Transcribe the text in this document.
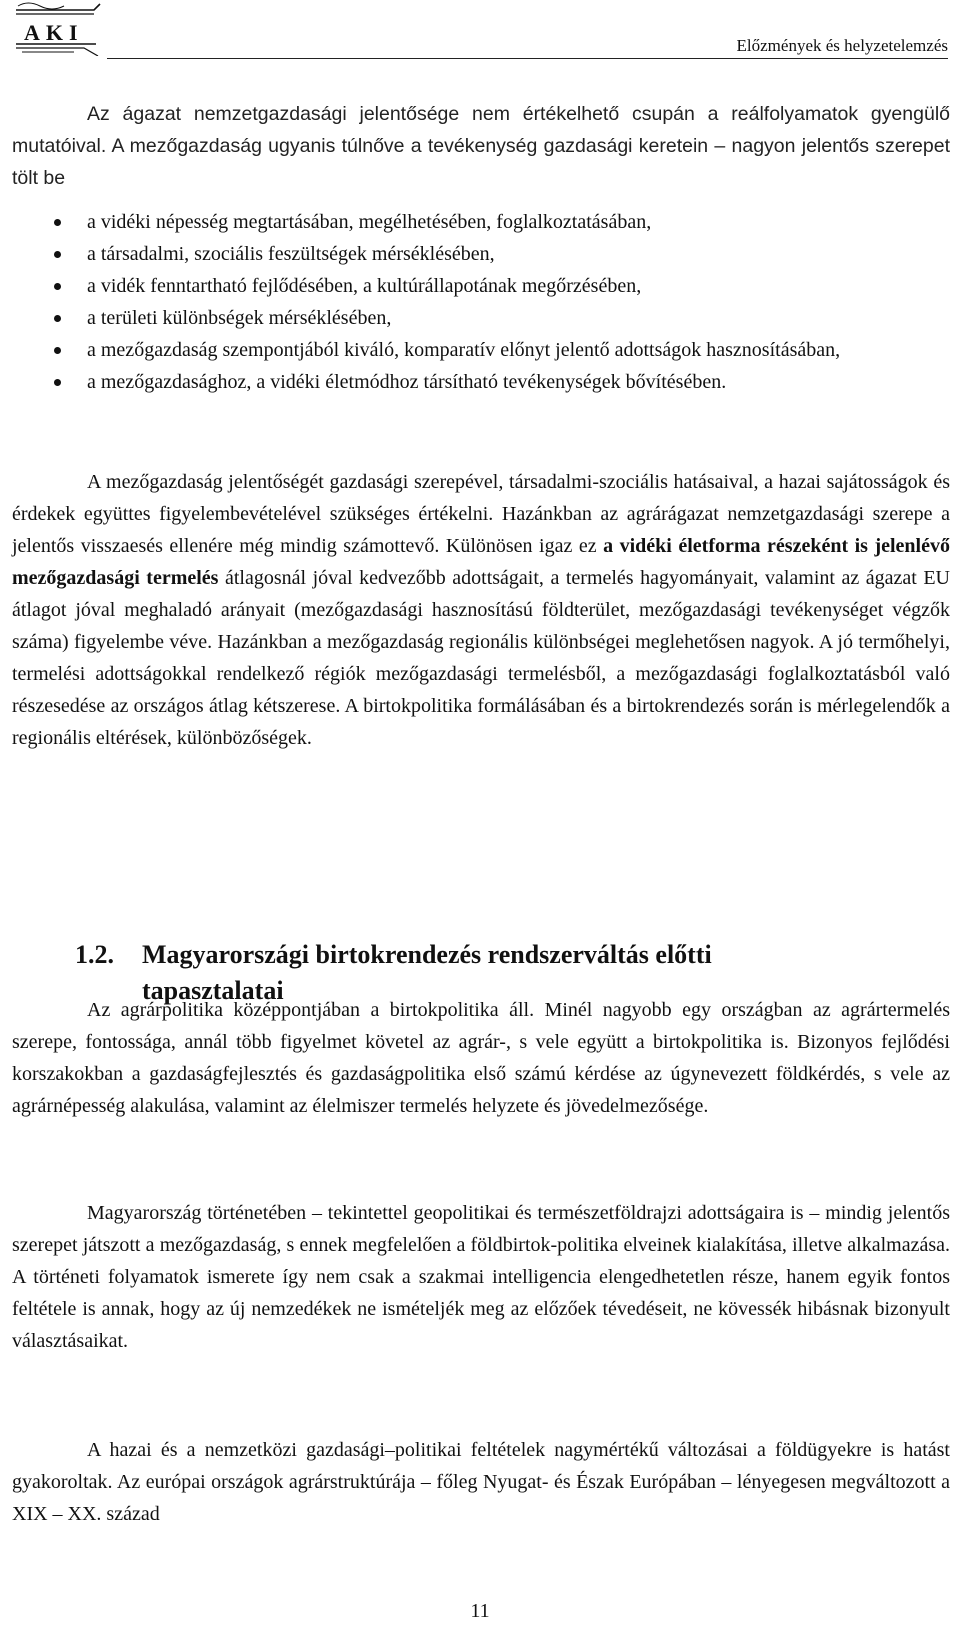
AKI
Előzmények és helyzetelemzés

Az ágazat nemzetgazdasági jelentősége nem értékelhető csupán a reálfolyamatok gyengülő mutatóival. A mezőgazdaság ugyanis túlnőve a tevékenység gazdasági keretein – nagyon jelentős szerepet tölt be

a vidéki népesség megtartásában, megélhetésében, foglalkoztatásában,
a társadalmi, szociális feszültségek mérséklésében,
a vidék fenntartható fejlődésében, a kultúrállapotának megőrzésében,
a területi különbségek mérséklésében,
a mezőgazdaság szempontjából kiváló, komparatív előnyt jelentő adottságok hasznosításában,
a mezőgazdasághoz, a vidéki életmódhoz társítható tevékenységek bővítésében.

A mezőgazdaság jelentőségét gazdasági szerepével, társadalmi-szociális hatásaival, a hazai sajátosságok és érdekek együttes figyelembevételével szükséges értékelni. Hazánkban az agrárágazat nemzetgazdasági szerepe a jelentős visszaesés ellenére még mindig számottevő. Különösen igaz ez a vidéki életforma részeként is jelenlévő mezőgazdasági termelés átlagosnál jóval kedvezőbb adottságait, a termelés hagyományait, valamint az ágazat EU átlagot jóval meghaladó arányait (mezőgazdasági hasznosítású földterület, mezőgazdasági tevékenységet végzők száma) figyelembe véve. Hazánkban a mezőgazdaság regionális különbségei meglehetősen nagyok. A jó termőhelyi, termelési adottságokkal rendelkező régiók mezőgazdasági termelésből, a mezőgazdasági foglalkoztatásból való részesedése az országos átlag kétszerese. A birtokpolitika formálásában és a birtokrendezés során is mérlegelendők a regionális eltérések, különbözőségek.

1.2.	Magyarországi birtokrendezés rendszerváltás előtti tapasztalatai

Az agrárpolitika középpontjában a birtokpolitika áll. Minél nagyobb egy országban az agrártermelés szerepe, fontossága, annál több figyelmet követel az agrár-, s vele együtt a birtokpolitika is. Bizonyos fejlődési korszakokban a gazdaságfejlesztés és gazdaságpolitika első számú kérdése az úgynevezett földkérdés, s vele az agrárnépesség alakulása, valamint az élelmiszer termelés helyzete és jövedelmezősége.

Magyarország történetében – tekintettel geopolitikai és természetföldrajzi adottságaira is – mindig jelentős szerepet játszott a mezőgazdaság, s ennek megfelelően a földbirtok-politika elveinek kialakítása, illetve alkalmazása. A történeti folyamatok ismerete így nem csak a szakmai intelligencia elengedhetetlen része, hanem egyik fontos feltétele is annak, hogy az új nemzedékek ne ismételjék meg az előzőek tévedéseit, ne kövessék hibásnak bizonyult választásaikat.

A hazai és a nemzetközi gazdasági–politikai feltételek nagymértékű változásai a földügyekre is hatást gyakoroltak. Az európai országok agrárstruktúrája – főleg Nyugat- és Észak Európában – lényegesen megváltozott a XIX – XX. század

11
